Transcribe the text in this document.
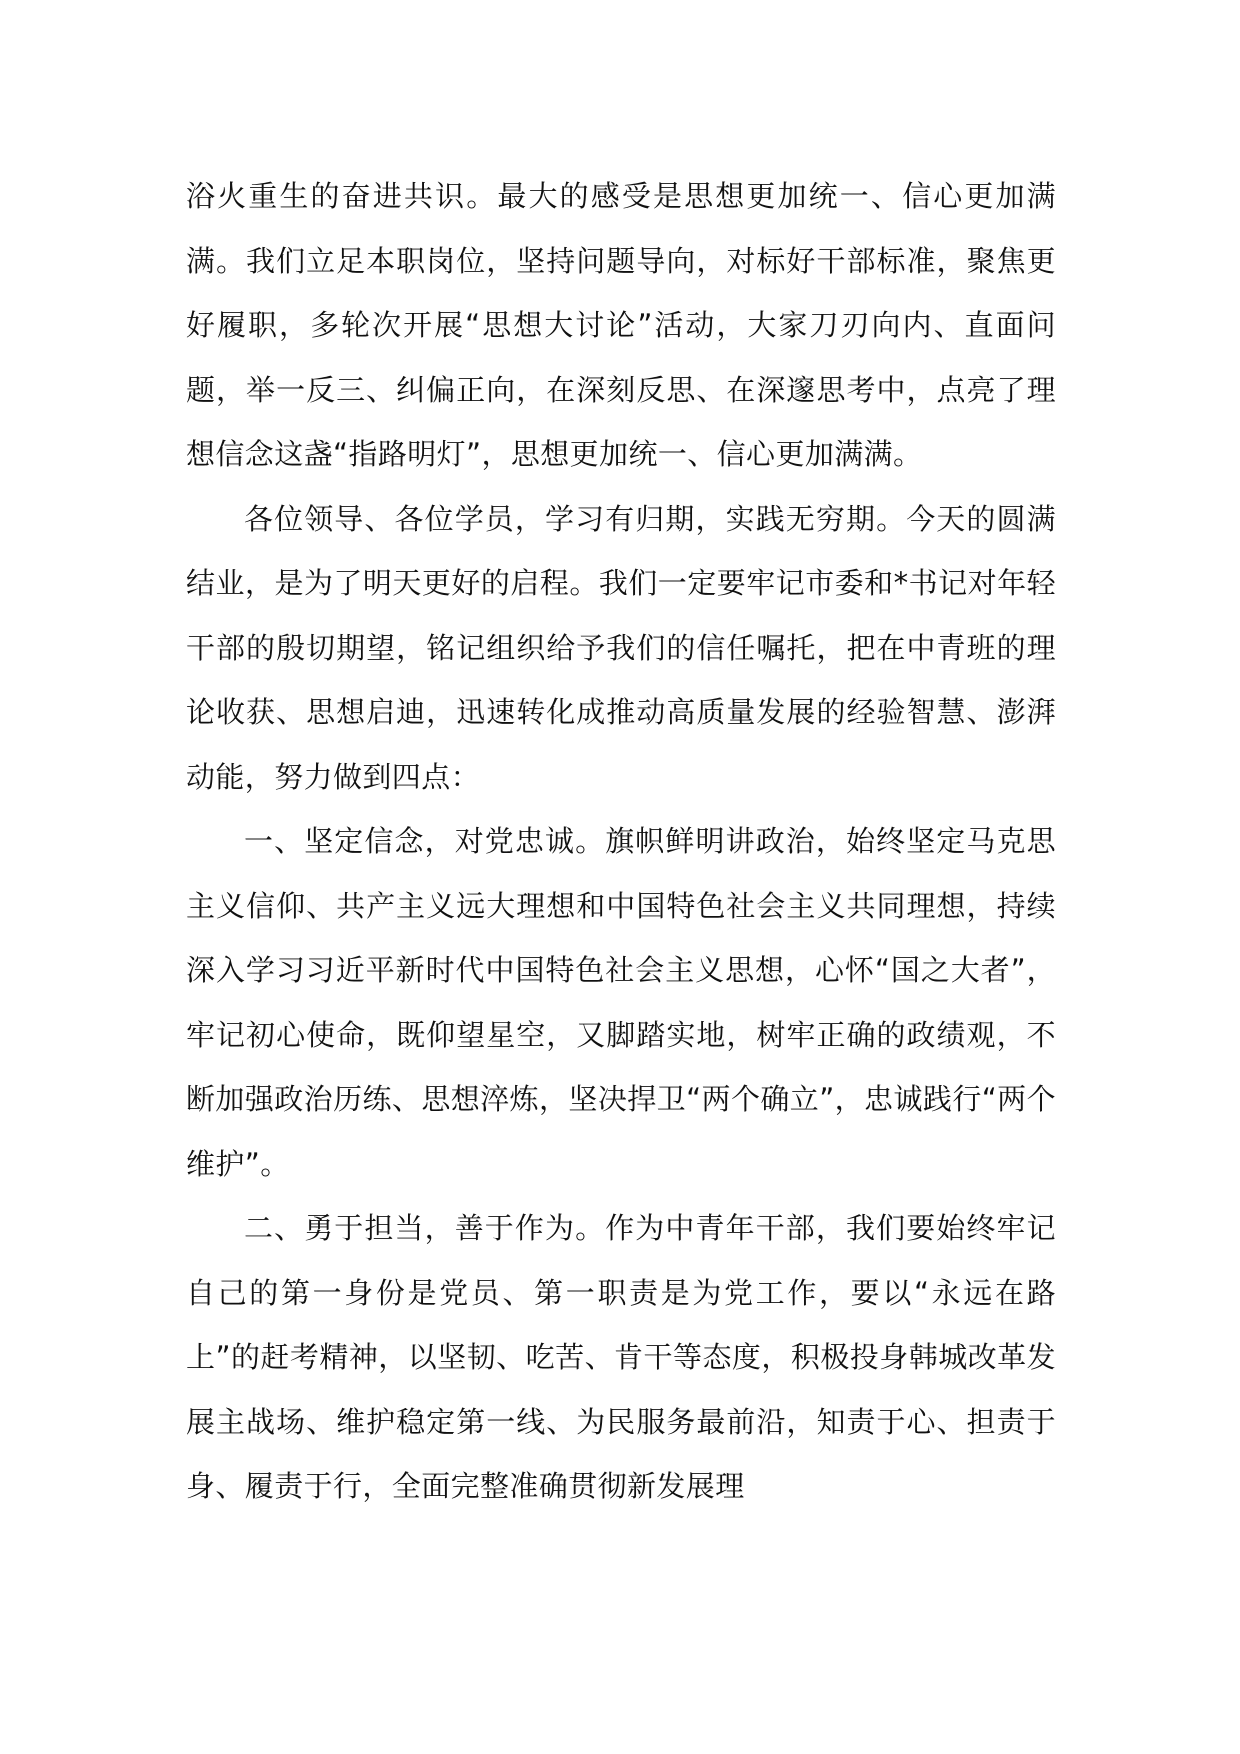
浴火重生的奋进共识。最大的感受是思想更加统一、信心更加满满。我们立足本职岗位，坚持问题导向，对标好干部标准，聚焦更好履职，多轮次开展“思想大讨论”活动，大家刀刃向内、直面问题，举一反三、纠偏正向，在深刻反思、在深邃思考中，点亮了理想信念这盏“指路明灯”，思想更加统一、信心更加满满。

各位领导、各位学员，学习有归期，实践无穷期。今天的圆满结业，是为了明天更好的启程。我们一定要牢记市委和*书记对年轻干部的殷切期望，铭记组织给予我们的信任嘱托，把在中青班的理论收获、思想启迪，迅速转化成推动高质量发展的经验智慧、澎湃动能，努力做到四点：

一、坚定信念，对党忠诚。旗帜鲜明讲政治，始终坚定马克思主义信仰、共产主义远大理想和中国特色社会主义共同理想，持续深入学习习近平新时代中国特色社会主义思想，心怀“国之大者”，牢记初心使命，既仰望星空，又脚踏实地，树牢正确的政绩观，不断加强政治历练、思想淬炼，坚决捍卫“两个确立”，忠诚践行“两个维护”。

二、勇于担当，善于作为。作为中青年干部，我们要始终牢记自己的第一身份是党员、第一职责是为党工作，要以“永远在路上”的赶考精神，以坚韧、吃苦、肯干等态度，积极投身韩城改革发展主战场、维护稳定第一线、为民服务最前沿，知责于心、担责于身、履责于行，全面完整准确贯彻新发展理
